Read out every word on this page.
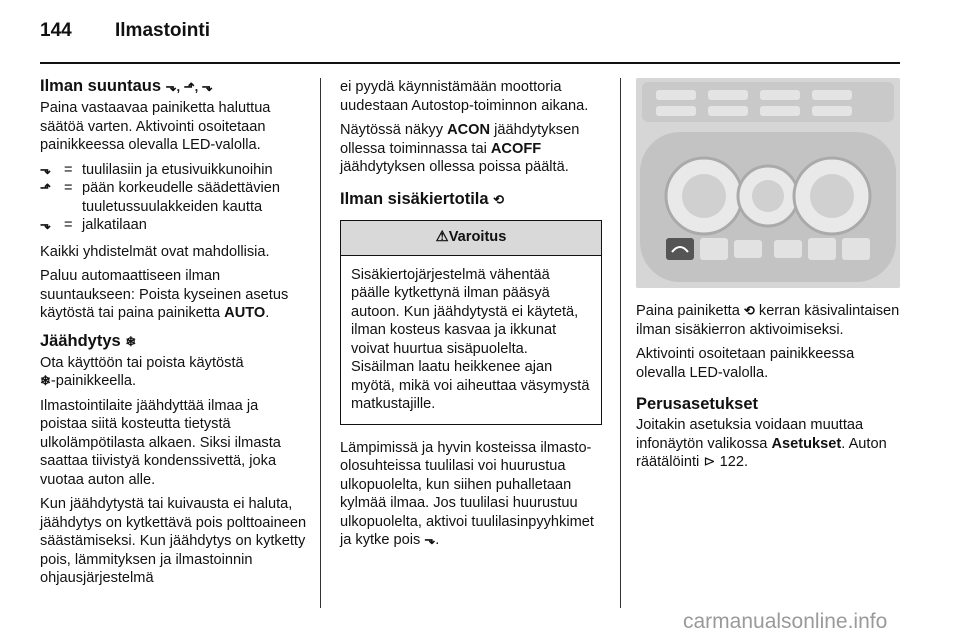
144 Ilmastointi
Ilman suuntaus ⬎, ⬏, ⬎

Paina vastaavaa painiketta haluttua säätöä varten. Aktivointi osoitetaan painikkeessa olevalla LED-valolla.

⬎ = tuulilasiin ja etusivuikkunoihin
⬏ = pään korkeudelle säädettävien tuuletussuulakkeiden kautta
⬎ = jalkatilaan

Kaikki yhdistelmät ovat mahdollisia.

Paluu automaattiseen ilman suuntaukseen: Poista kyseinen asetus käytöstä tai paina painiketta AUTO.

Jäähdytys ❄

Ota käyttöön tai poista käytöstä
❄-painikkeella.

Ilmastointilaite jäähdyttää ilmaa ja poistaa siitä kosteutta tietystä ulkolämpötilasta alkaen. Siksi ilmasta saattaa tiivistyä kondenssivettä, joka vuotaa auton alle.

Kun jäähdytystä tai kuivausta ei haluta, jäähdytys on kytkettävä pois polttoaineen säästämiseksi. Kun jäähdytys on kytketty pois, lämmityksen ja ilmastoinnin ohjausjärjestelmä

ei pyydä käynnistämään moottoria uudestaan Autostop-toiminnon aikana.

Näytössä näkyy ACON jäähdytyksen ollessa toiminnassa tai ACOFF jäähdytyksen ollessa poissa päältä.

Ilman sisäkiertotila ⟲
⚠ Varoitus
Sisäkiertojärjestelmä vähentää päälle kytkettynä ilman pääsyä autoon. Kun jäähdytystä ei käytetä, ilman kosteus kasvaa ja ikkunat voivat huurtua sisäpuolelta. Sisäilman laatu heikkenee ajan myötä, mikä voi aiheuttaa väsymystä matkustajille.

Lämpimissä ja hyvin kosteissa ilmasto-olosuhteissa tuulilasi voi huurustua ulkopuolelta, kun siihen puhalletaan kylmää ilmaa. Jos tuulilasi huurustuu ulkopuolelta, aktivoi tuulilasinpyyhkimet ja kytke pois ⬎.

Paina painiketta ⟲ kerran käsivalintaisen ilman sisäkierron aktivoimiseksi.

Aktivointi osoitetaan painikkeessa olevalla LED-valolla.

Perusasetukset

Joitakin asetuksia voidaan muuttaa infonäytön valikossa Asetukset. Auton räätälöinti ⊳ 122.

carmanualsonline.info
